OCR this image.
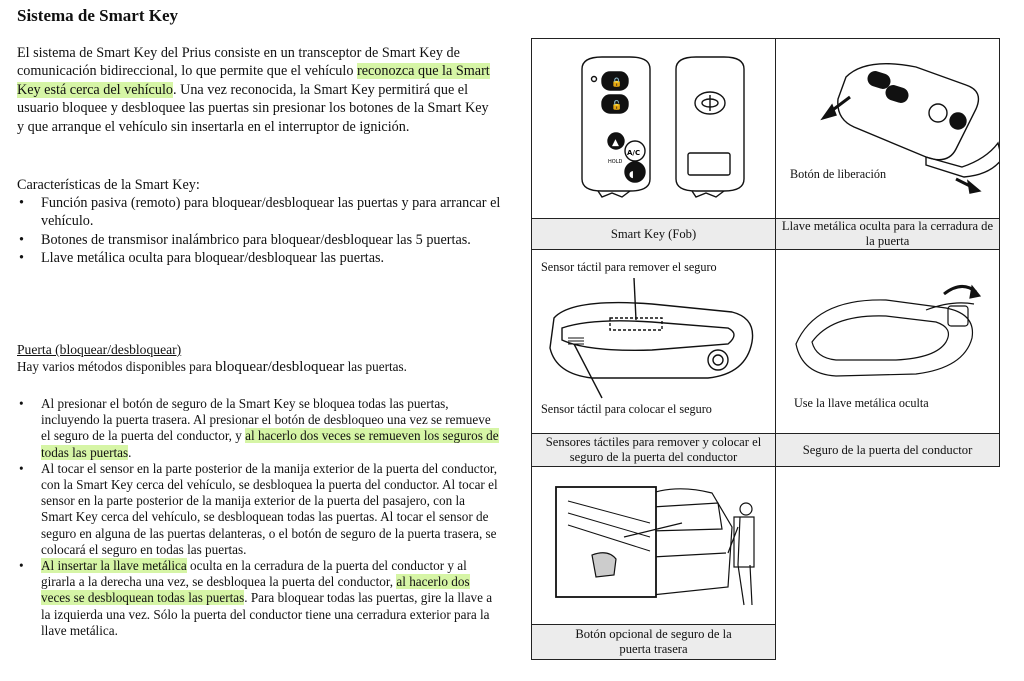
Sistema de Smart Key
El sistema de Smart Key del Prius consiste en un transceptor de Smart Key de comunicación bidireccional, lo que permite que el vehículo reconozca que la Smart Key está cerca del vehículo. Una vez reconocida, la Smart Key permitirá que el usuario bloquee y desbloquee las puertas sin presionar los botones de la Smart Key y que arranque el vehículo sin insertarla en el interruptor de ignición.
Características de la Smart Key:
• Función pasiva (remoto) para bloquear/desbloquear las puertas y para arrancar el vehículo.
• Botones de transmisor inalámbrico para bloquear/desbloquear las 5 puertas.
• Llave metálica oculta para bloquear/desbloquear las puertas.
Puerta (bloquear/desbloquear)
Hay varios métodos disponibles para bloquear/desbloquear las puertas.
• Al presionar el botón de seguro de la Smart Key se bloquea todas las puertas, incluyendo la puerta trasera. Al presionar el botón de desbloqueo una vez se remueve el seguro de la puerta del conductor, y al hacerlo dos veces se remueven los seguros de todas las puertas.
• Al tocar el sensor en la parte posterior de la manija exterior de la puerta del conductor, con la Smart Key cerca del vehículo, se desbloquea la puerta del conductor. Al tocar el sensor en la parte posterior de la manija exterior de la puerta del pasajero, con la Smart Key cerca del vehículo, se desbloquean todas las puertas. Al tocar el sensor de seguro en alguna de las puertas delanteras, o el botón de seguro de la puerta trasera, se colocará el seguro en todas las puertas.
• Al insertar la llave metálica oculta en la cerradura de la puerta del conductor y al girarla a la derecha una vez, se desbloquea la puerta del conductor, al hacerlo dos veces se desbloquean todas las puertas. Para bloquear todas las puertas, gire la llave a la izquierda una vez. Sólo la puerta del conductor tiene una cerradura exterior para la llave metálica.
🔒
🔓
▲
◖
A/C
HOLD
Smart Key (Fob)
Botón de liberación
Llave metálica oculta para la cerradura de la puerta
Sensor táctil para remover el seguro
Sensor táctil para colocar el seguro
Sensores táctiles para remover y colocar el seguro de la puerta del conductor
Use la llave metálica oculta
Seguro de la puerta del conductor
Botón opcional de seguro de la puerta trasera
